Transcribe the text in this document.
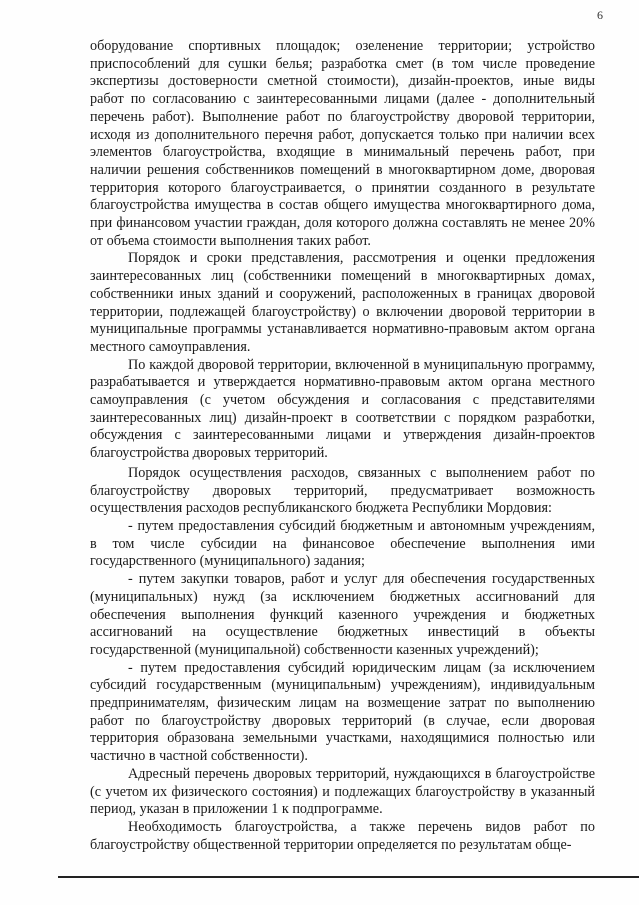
6

оборудование спортивных площадок; озеленение территории; устройство приспособлений для сушки белья; разработка смет (в том числе проведение экспертизы достоверности сметной стоимости), дизайн-проектов, иные виды работ по согласованию с заинтересованными лицами (далее - дополнительный перечень работ). Выполнение работ по благоустройству дворовой территории, исходя из дополнительного перечня работ, допускается только при наличии всех элементов благоустройства, входящие в минимальный перечень работ, при наличии решения собственников помещений в многоквартирном доме, дворовая территория которого благоустраивается, о принятии созданного в результате благоустройства имущества в состав общего имущества многоквартирного дома, при финансовом участии граждан, доля которого должна составлять не менее 20% от объема стоимости выполнения таких работ.

Порядок и сроки представления, рассмотрения и оценки предложения заинтересованных лиц (собственники помещений в многоквартирных домах, собственники иных зданий и сооружений, расположенных в границах дворовой территории, подлежащей благоустройству) о включении дворовой территории в муниципальные программы устанавливается нормативно-правовым актом органа местного самоуправления.

По каждой дворовой территории, включенной в муниципальную программу, разрабатывается и утверждается нормативно-правовым актом органа местного самоуправления (с учетом обсуждения и согласования с представителями заинтересованных лиц) дизайн-проект в соответствии с порядком разработки, обсуждения с заинтересованными лицами и утверждения дизайн-проектов благоустройства дворовых территорий.

Порядок осуществления расходов, связанных с выполнением работ по благоустройству дворовых территорий, предусматривает возможность осуществления расходов республиканского бюджета Республики Мордовия:

- путем предоставления субсидий бюджетным и автономным учреждениям, в том числе субсидии на финансовое обеспечение выполнения ими государственного (муниципального) задания;

- путем закупки товаров, работ и услуг для обеспечения государственных (муниципальных) нужд (за исключением бюджетных ассигнований для обеспечения выполнения функций казенного учреждения и бюджетных ассигнований на осуществление бюджетных инвестиций в объекты государственной (муниципальной) собственности казенных учреждений);

- путем предоставления субсидий юридическим лицам (за исключением субсидий государственным (муниципальным) учреждениям), индивидуальным предпринимателям, физическим лицам на возмещение затрат по выполнению работ по благоустройству дворовых территорий (в случае, если дворовая территория образована земельными участками, находящимися полностью или частично в частной собственности).

Адресный перечень дворовых территорий, нуждающихся в благоустройстве (с учетом их физического состояния) и подлежащих благоустройству в указанный период, указан в приложении 1 к подпрограмме.

Необходимость благоустройства, а также перечень видов работ по благоустройству общественной территории определяется по результатам обще-
